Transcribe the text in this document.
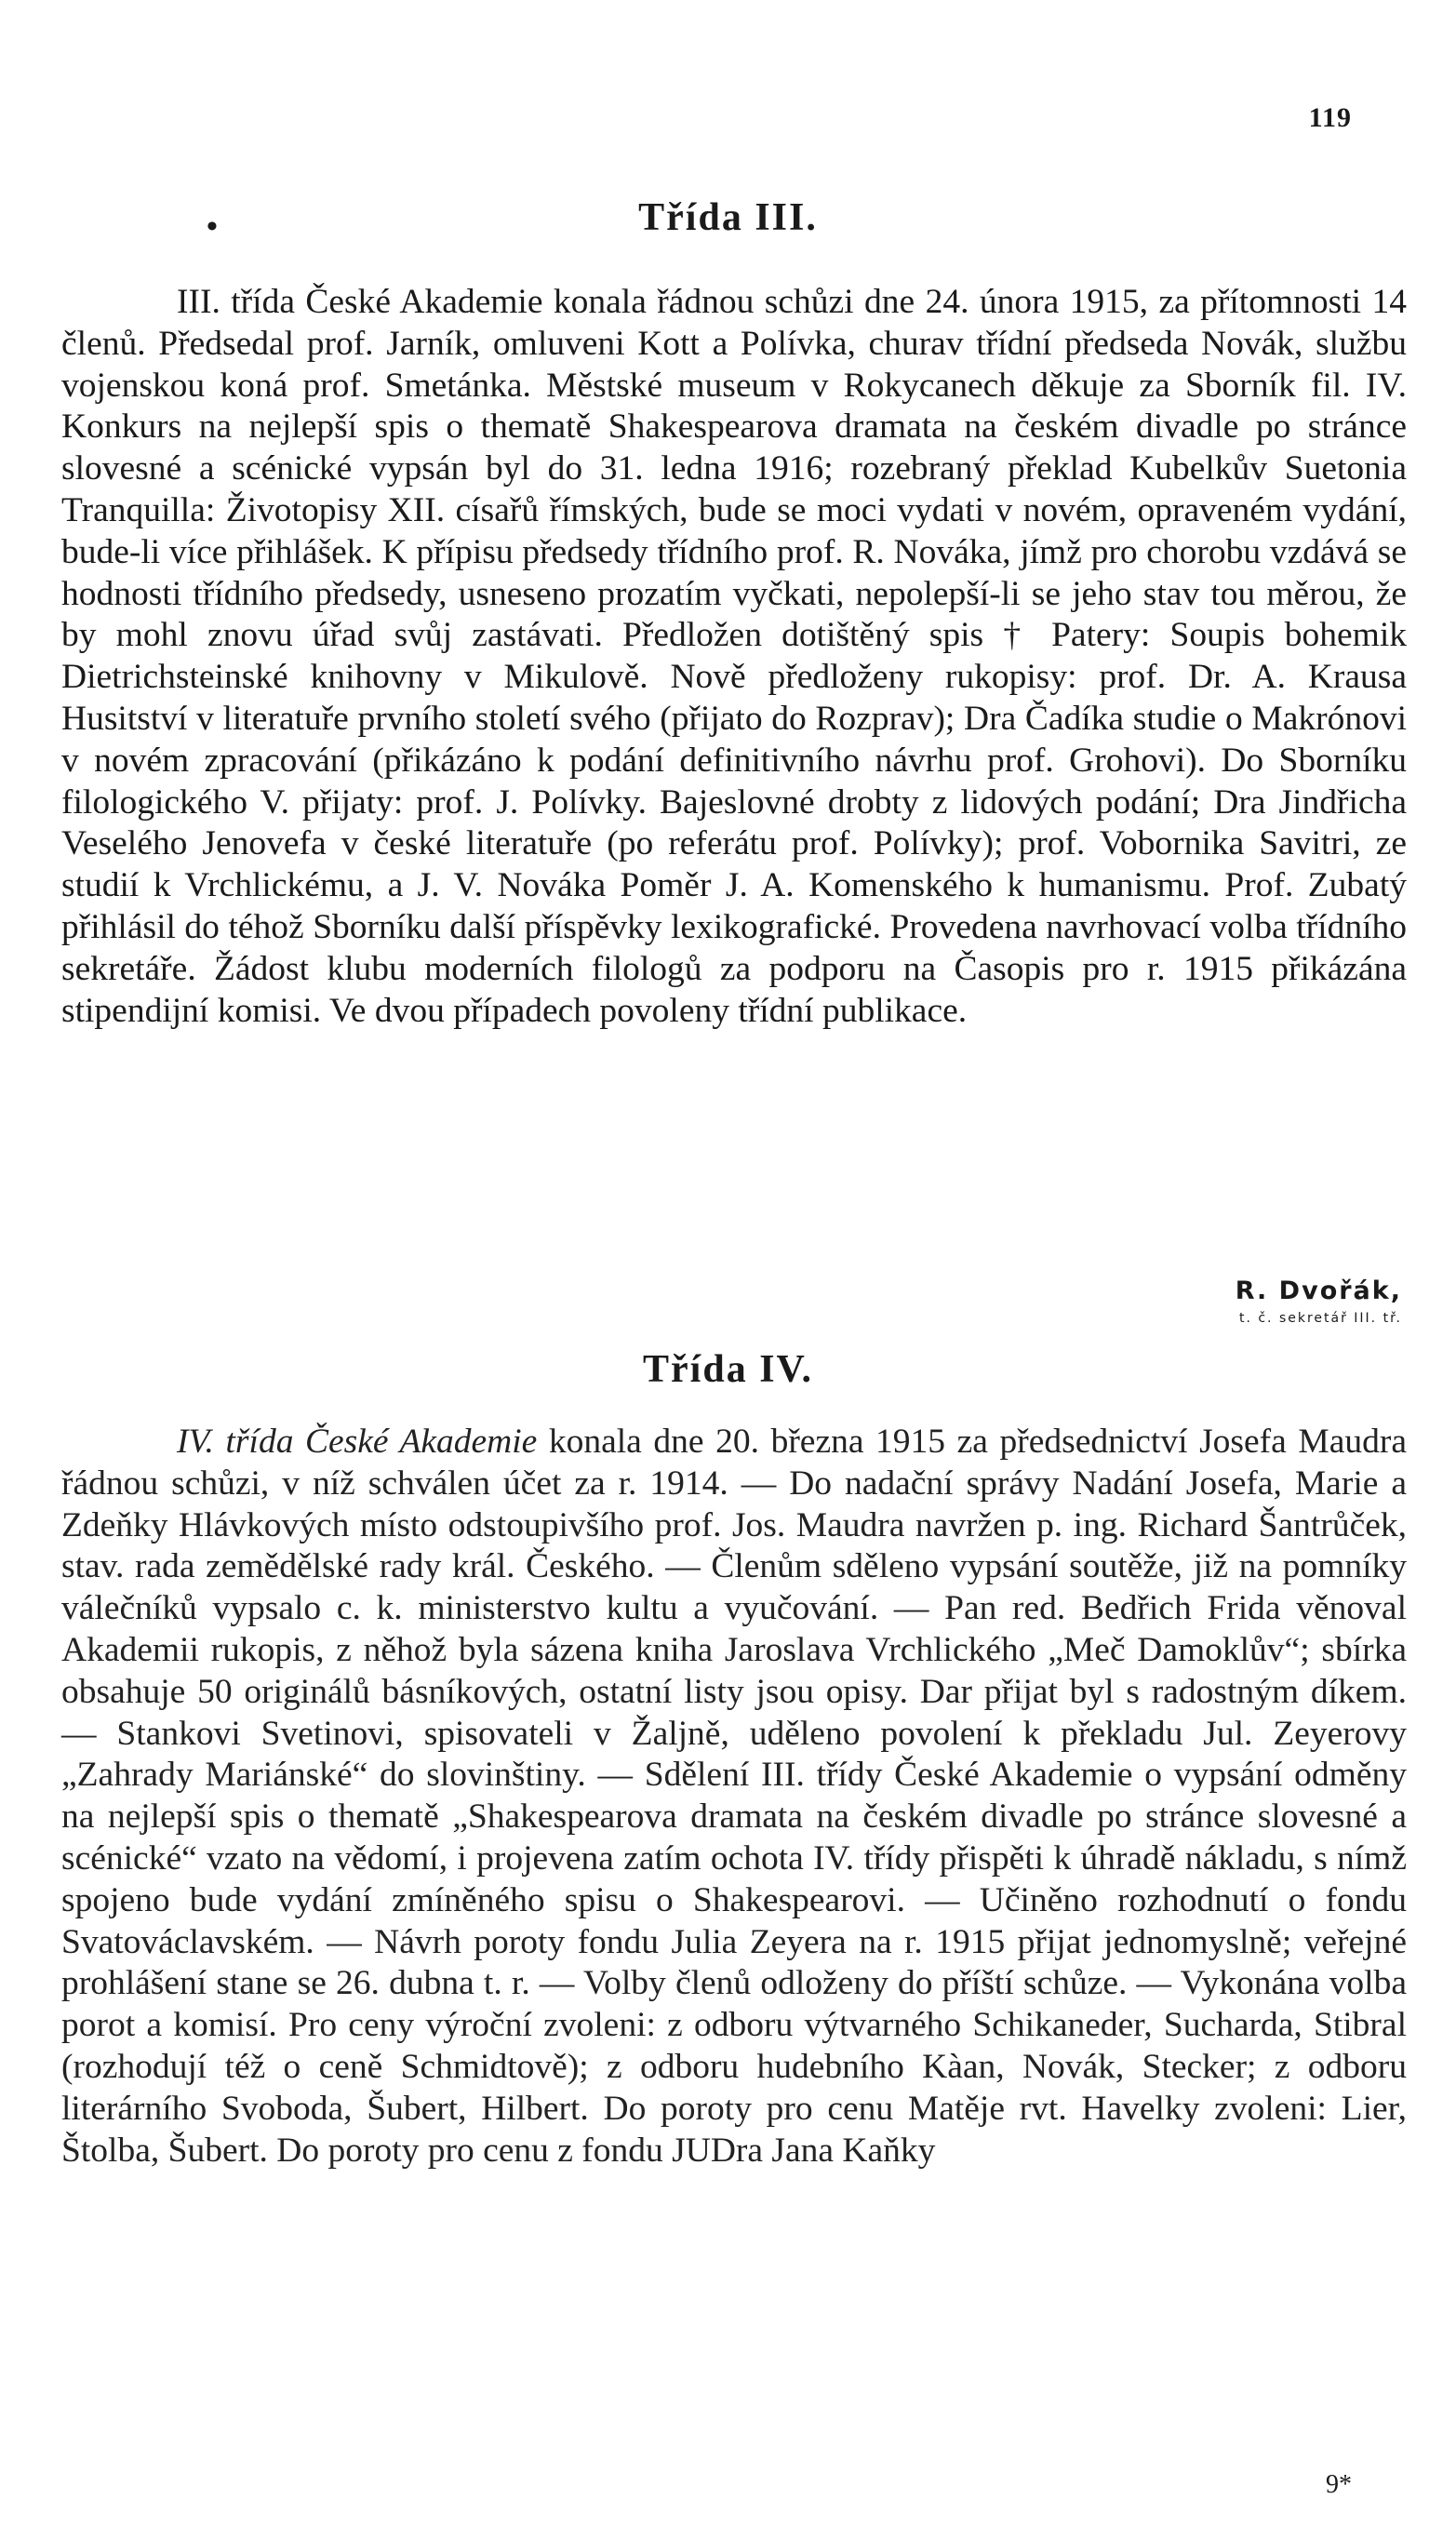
119
•	Třída III.

III. třída České Akademie konala řádnou schůzi dne 24. února 1915, za přítomnosti 14 členů. Předsedal prof. Jarník, omluveni Kott a Polívka, churav třídní předseda Novák, službu vojenskou koná prof. Smetánka. Městské museum v Rokycanech děkuje za Sborník fil. IV. Konkurs na nejlepší spis o thematě Shakespearova dramata na českém divadle po stránce slovesné a scénické vypsán byl do 31. ledna 1916; rozebraný překlad Kubelkův Suetonia Tranquilla: Životopisy XII. císařů římských, bude se moci vydati v novém, opraveném vydání, bude-li více přihlášek. K přípisu předsedy třídního prof. R. Nováka, jímž pro chorobu vzdává se hodnosti třídního předsedy, usneseno prozatím vyčkati, nepolepší-li se jeho stav tou měrou, že by mohl znovu úřad svůj zastávati. Předložen dotištěný spis † Patery: Soupis bohemik Dietrichsteinské knihovny v Mikulově. Nově předloženy rukopisy: prof. Dr. A. Krausa Husitství v literatuře prvního století svého (přijato do Rozprav); Dra Čadíka studie o Makrónovi v novém zpracování (přikázáno k podání definitivního návrhu prof. Grohovi). Do Sborníku filologického V. přijaty: prof. J. Polívky. Bajeslovné drobty z lidových podání; Dra Jindřicha Veselého Jenovefa v české literatuře (po referátu prof. Polívky); prof. Vobornika Savitri, ze studií k Vrchlickému, a J. V. Nováka Poměr J. A. Komenského k humanismu. Prof. Zubatý přihlásil do téhož Sborníku další příspěvky lexikografické. Provedena navrhovací volba třídního sekretáře. Žádost klubu moderních filologů za podporu na Časopis pro r. 1915 přikázána stipendijní komisi. Ve dvou případech povoleny třídní publikace.

R. Dvořák,
t. č. sekretář III. tř.
Třída IV.

IV. třída České Akademie konala dne 20. března 1915 za předsednictví Josefa Maudra řádnou schůzi, v níž schválen účet za r. 1914. — Do nadační správy Nadání Josefa, Marie a Zdeňky Hlávkových místo odstoupivšího prof. Jos. Maudra navržen p. ing. Richard Šantrůček, stav. rada zemědělské rady král. Českého. — Členům sděleno vypsání soutěže, již na pomníky válečníků vypsalo c. k. ministerstvo kultu a vyučování. — Pan red. Bedřich Frida věnoval Akademii rukopis, z něhož byla sázena kniha Jaroslava Vrchlického „Meč Damoklův“; sbírka obsahuje 50 originálů básníkových, ostatní listy jsou opisy. Dar přijat byl s radostným díkem. — Stankovi Svetinovi, spisovateli v Žaljně, uděleno povolení k překladu Jul. Zeyerovy „Zahrady Mariánské“ do slovinštiny. — Sdělení III. třídy České Akademie o vypsání odměny na nejlepší spis o thematě „Shakespearova dramata na českém divadle po stránce slovesné a scénické“ vzato na vědomí, i projevena zatím ochota IV. třídy přispěti k úhradě nákladu, s nímž spojeno bude vydání zmíněného spisu o Shakespearovi. — Učiněno rozhodnutí o fondu Svatováclavském. — Návrh poroty fondu Julia Zeyera na r. 1915 přijat jednomyslně; veřejné prohlášení stane se 26. dubna t. r. — Volby členů odloženy do příští schůze. — Vykonána volba porot a komisí. Pro ceny výroční zvoleni: z odboru výtvarného Schikaneder, Sucharda, Stibral (rozhodují též o ceně Schmidtově); z odboru hudebního Kàan, Novák, Stecker; z odboru literárního Svoboda, Šubert, Hilbert. Do poroty pro cenu Matěje rvt. Havelky zvoleni: Lier, Štolba, Šubert. Do poroty pro cenu z fondu JUDra Jana Kaňky

9*
